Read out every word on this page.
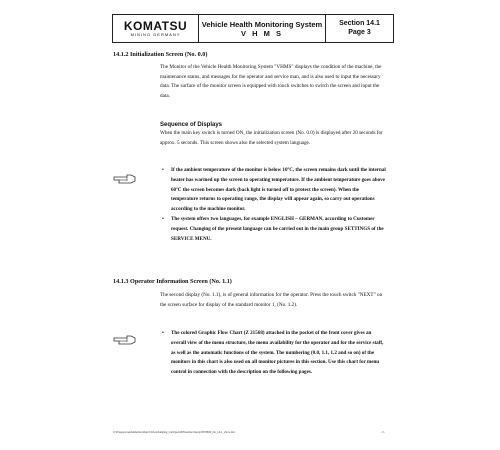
KOMATSU
MINING GERMANY
Vehicle Health Monitoring System
V H M S
Section 14.1
Page 3
14.1.2 Initialization Screen (No. 0.0)
The Monitor of the Vehicle Health Monitoring System "VHMS" displays the condition of the machine, the maintenance status, and messages for the operator and service man, and is also used to input the necessary data. The surface of the monitor screen is equipped with touch switches to switch the screen and input the data.
Sequence of Displays
When the main key switch is turned ON, the initialization screen (No. 0.0) is displayed after 20 seconds for approx. 5 seconds. This screen shows also the selected system language.
•	If the ambient temperature of the monitor is below 10ºC, the screen remains dark until the internal heater has warmed up the screen to operating temperature. If the ambient temperature goes above 60ºC the screen becomes dark (back light is turned off to protect the screen). When the temperature returns to operating range, the display will appear again, so carry out operations according to the machine monitor.
•	The system offers two languages, for example ENGLISH – GERMAN, according to Customer request. Changing of the present language can be carried out in the main group SETTINGS of the SERVICE MENU.
14.1.3 Operator Information Screen (No. 1.1)
The second display (No. 1.1), is of general information for the operator. Press the touch switch "NEXT" on the screen surface for display of the standard monitor 1, (No. 1.2).
•	The colored Graphic Flow Chart (Z 21568) attached in the pocket of the front cover gives an overall view of the menu structure, the menu availability for the operator and for the service staff, as well as the automatic functions of the system. The numbering (0.0, 1.1, 1.2 and so on) of the monitors in this chart is also used on all monitor pictures in this section. Use this chart for menu control in connection with the description on the following pages.
C:\Programme\Adobe\Acrobat 6.0\Acrobat\plug_ins\OpenAll\Transform\temp\PC5500_No_14-1_vhms.doc	- 3 -
